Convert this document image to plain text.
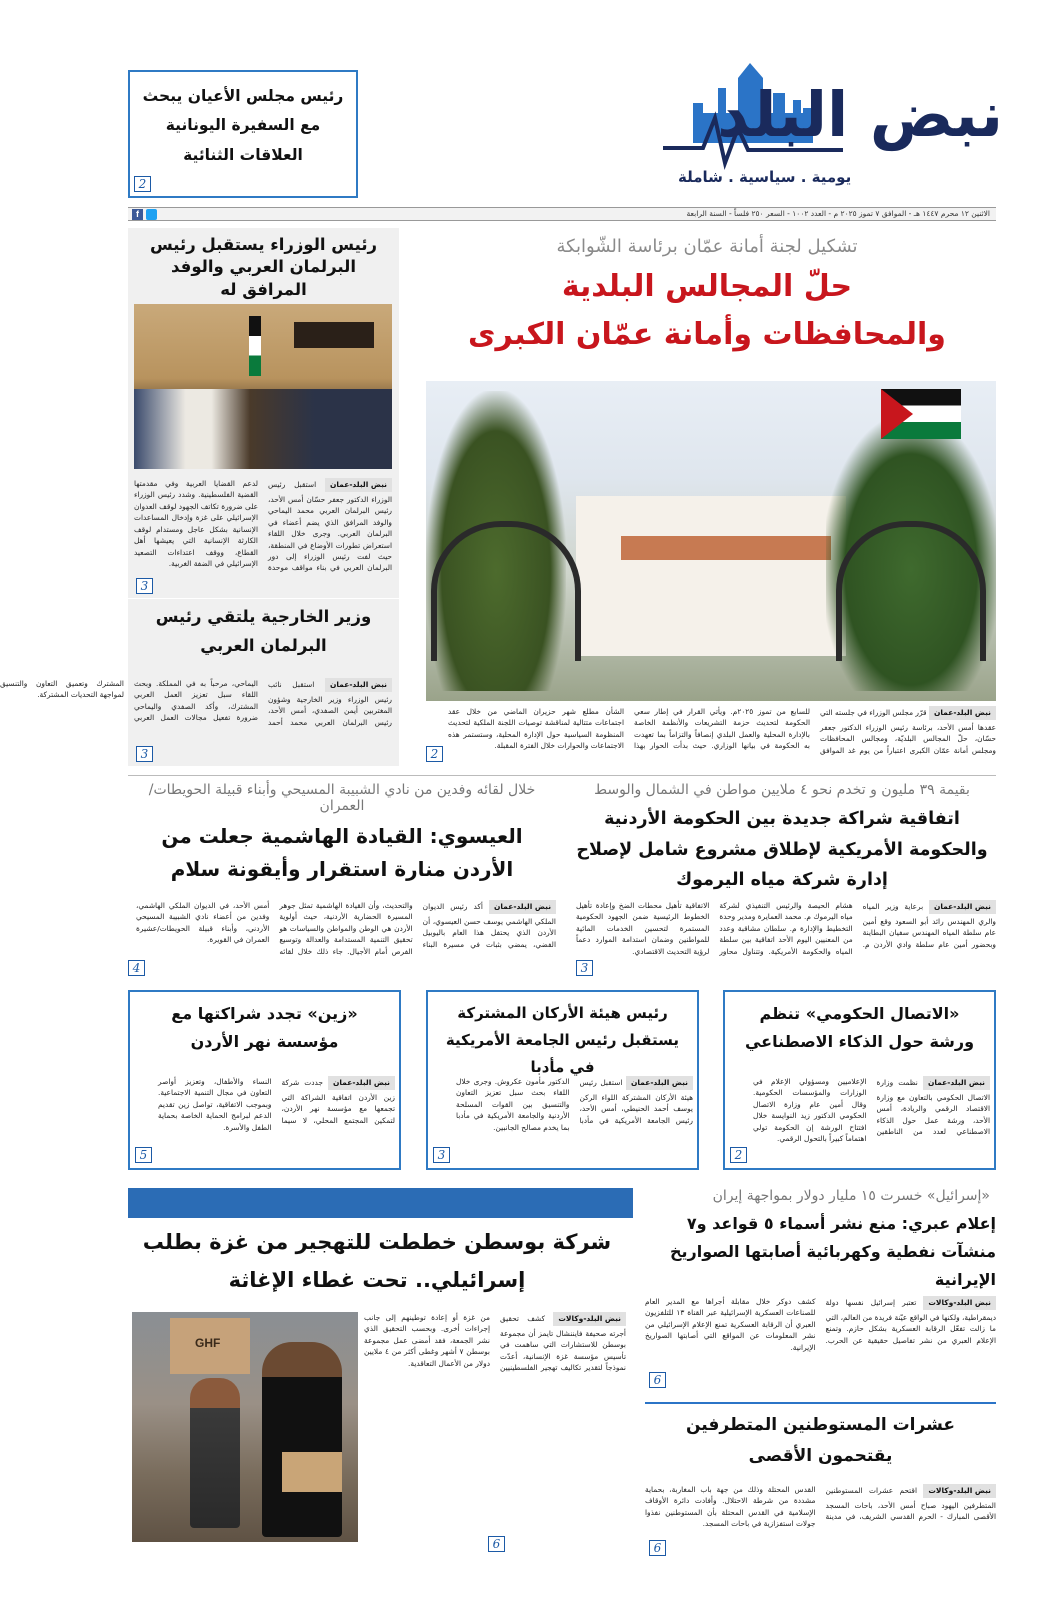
نبض البلد
يومية . سياسية . شاملة
رئيس مجلس الأعيان يبحث مع السفيرة اليونانية العلاقات الثنائية
2
الاثنين ١٢ محرم ١٤٤٧ هـ - الموافق ٧ تموز ٢٠٢٥ م - العدد ١٠٠٢ - السعر ٢٥٠ فلساً - السنة الرابعة
f
رئيس الوزراء يستقبل رئيس البرلمان العربي والوفد المرافق له
نبض البلد-عمان استقبل رئيس الوزراء الدكتور جعفر حسّان أمس الأحد، رئيس البرلمان العربي محمد اليماحي والوفد المرافق الذي يضم أعضاء في البرلمان العربي. وجرى خلال اللقاء استعراض تطورات الأوضاع في المنطقة، حيث لفت رئيس الوزراء إلى دور البرلمان العربي في بناء مواقف موحدة لدعم القضايا العربية وفي مقدمتها القضية الفلسطينية. وشدد رئيس الوزراء على ضرورة تكاتف الجهود لوقف العدوان الإسرائيلي على غزة وإدخال المساعدات الإنسانية بشكل عاجل ومستدام لوقف الكارثة الإنسانية التي يعيشها أهل القطاع، ووقف اعتداءات التصعيد الإسرائيلي في الضفة الغربية.
3
وزير الخارجية يلتقي رئيس البرلمان العربي
نبض البلد-عمان استقبل نائب رئيس الوزراء وزير الخارجية وشؤون المغتربين أيمن الصفدي، أمس الأحد، رئيس البرلمان العربي محمد أحمد اليماحي، مرحباً به في المملكة. وبحث اللقاء سبل تعزيز العمل العربي المشترك، وأكد الصفدي واليماحي ضرورة تفعيل مجالات العمل العربي المشترك وتعميق التعاون والتنسيق لمواجهة التحديات المشتركة.
3
تشكيل لجنة أمانة عمّان برئاسة الشّوابكة
حلّ المجالس البلدية والمحافظات وأمانة عمّان الكبرى
نبض البلد-عمان قرّر مجلس الوزراء في جلسته التي عقدها أمس الأحد، برئاسة رئيس الوزراء الدكتور جعفر حسّان، حلّ المجالس البلديّة، ومجالس المحافظات ومجلس أمانة عمّان الكبرى اعتباراً من يوم غد الموافق للسابع من تموز ٢٠٢٥م. ويأتي القرار في إطار سعي الحكومة لتحديث حزمة التشريعات والأنظمة الخاصة بالإدارة المحلية والعمل البلدي إنصافاً والتزاماً بما تعهدت به الحكومة في بيانها الوزاري. حيث بدأت الحوار بهذا الشأن مطلع شهر حزيران الماضي من خلال عقد اجتماعات متتالية لمناقشة توصيات اللجنة الملكية لتحديث المنظومة السياسية حول الإدارة المحلية، وستستمر هذه الاجتماعات والحوارات خلال الفترة المقبلة.
2
بقيمة ٣٩ مليون و تخدم نحو ٤ ملايين مواطن في الشمال والوسط
اتفاقية شراكة جديدة بين الحكومة الأردنية والحكومة الأمريكية لإطلاق مشروع شامل لإصلاح إدارة شركة مياه اليرموك
نبض البلد-عمان برعاية وزير المياه والري المهندس رائد أبو السعود وقع أمين عام سلطة المياه المهندس سفيان البطاينة وبحضور أمين عام سلطة وادي الأردن م. هشام الحيصة والرئيس التنفيذي لشركة مياه اليرموك م. محمد العمايرة ومدير وحدة التخطيط والإدارة م. سلطان مشاقبة وعدد من المعنيين اليوم الأحد اتفاقية بين سلطة المياه والحكومة الأمريكية. وتتناول محاور الاتفاقية تأهيل محطات الضخ وإعادة تأهيل الخطوط الرئيسية ضمن الجهود الحكومية المستمرة لتحسين الخدمات المائية للمواطنين وضمان استدامة الموارد دعماً لرؤية التحديث الاقتصادي.
3
خلال لقائه وفدين من نادي الشبيبة المسيحي وأبناء قبيلة الحويطات/العمران
العيسوي: القيادة الهاشمية جعلت من الأردن منارة استقرار وأيقونة سلام
نبض البلد-عمان أكد رئيس الديوان الملكي الهاشمي يوسف حسن العيسوي، أن الأردن الذي يحتفل هذا العام باليوبيل الفضي، يمضي بثبات في مسيرة البناء والتحديث، وأن القيادة الهاشمية تمثل جوهر المسيرة الحضارية الأردنية، حيث أولوية الأردن هي الوطن والمواطن والسياسات هو تحقيق التنمية المستدامة والعدالة وتوسيع الفرص أمام الأجيال. جاء ذلك خلال لقائه أمس الأحد، في الديوان الملكي الهاشمي، وفدين من أعضاء نادي الشبيبة المسيحي الأردني، وأبناء قبيلة الحويطات/عشيرة العمران في القويرة.
4
«الاتصال الحكومي» تنظم ورشة حول الذكاء الاصطناعي
نبض البلد-عمان نظمت وزارة الاتصال الحكومي بالتعاون مع وزارة الاقتصاد الرقمي والريادة، أمس الأحد، ورشة عمل حول الذكاء الاصطناعي لعدد من الناطقين الإعلاميين ومسؤولي الإعلام في الوزارات والمؤسسات الحكومية. وقال أمين عام وزارة الاتصال الحكومي الدكتور زيد النوايسة خلال افتتاح الورشة إن الحكومة تولي اهتماماً كبيراً بالتحول الرقمي.
2
رئيس هيئة الأركان المشتركة يستقبل رئيس الجامعة الأمريكية في مأدبا
نبض البلد-عمان استقبل رئيس هيئة الأركان المشتركة اللواء الركن يوسف أحمد الحنيطي، أمس الأحد، رئيس الجامعة الأمريكية في مأدبا الدكتور مأمون عكروش. وجرى خلال اللقاء بحث سبل تعزيز التعاون والتنسيق بين القوات المسلحة الأردنية والجامعة الأمريكية في مأدبا بما يخدم مصالح الجانبين.
3
«زين» تجدد شراكتها مع مؤسسة نهر الأردن
نبض البلد-عمان جددت شركة زين الأردن اتفاقية الشراكة التي تجمعها مع مؤسسة نهر الأردن، لتمكين المجتمع المحلي، لا سيما النساء والأطفال، وتعزيز أواصر التعاون في مجال التنمية الاجتماعية. وبموجب الاتفاقية، تواصل زين تقديم الدعم لبرامج الحماية الخاصة بحماية الطفل والأسرة.
5
شركة بوسطن خططت للتهجير من غزة بطلب إسرائيلي.. تحت غطاء الإغاثة
GHF
نبض البلد-وكالات كشف تحقيق أجرته صحيفة فايننشال تايمز أن مجموعة بوسطن للاستشارات التي ساهمت في تأسيس مؤسسة غزة الإنسانية، أعدّت نموذجاً لتقدير تكاليف تهجير الفلسطينيين من غزة أو إعادة توطينهم إلى جانب إجراءات أخرى. وبحسب التحقيق الذي نشر الجمعة، فقد أمضى عمل مجموعة بوسطن ٧ أشهر وغطى أكثر من ٤ ملايين دولار من الأعمال التعاقدية.
6
«إسرائيل» خسرت ١٥ مليار دولار بمواجهة إيران
إعلام عبري: منع نشر أسماء ٥ قواعد و٧ منشآت نفطية وكهربائية أصابتها الصواريخ الإيرانية
نبض البلد-وكالات تعتبر إسرائيل نفسها دولة ديمقراطية، ولكنها في الواقع عيّنة فريدة من العالم، التي ما زالت تفعّل الرقابة العسكرية بشكل حازم. وتمنع الإعلام العبري من نشر تفاصيل حقيقية عن الحرب. كشف دوكر خلال مقابلة أجراها مع المدير العام للصناعات العسكرية الإسرائيلية عبر القناة ١٣ للتلفزيون العبري أن الرقابة العسكرية تمنع الإعلام الإسرائيلي من نشر المعلومات عن المواقع التي أصابتها الصواريخ الإيرانية.
6
عشرات المستوطنين المتطرفين يقتحمون الأقصى
نبض البلد-وكالات اقتحم عشرات المستوطنين المتطرفين اليهود صباح أمس الأحد، باحات المسجد الأقصى المبارك - الحرم القدسي الشريف، في مدينة القدس المحتلة وذلك من جهة باب المغاربة، بحماية مشددة من شرطة الاحتلال. وأفادت دائرة الأوقاف الإسلامية في القدس المحتلة بأن المستوطنين نفذوا جولات استفزازية في باحات المسجد.
6
